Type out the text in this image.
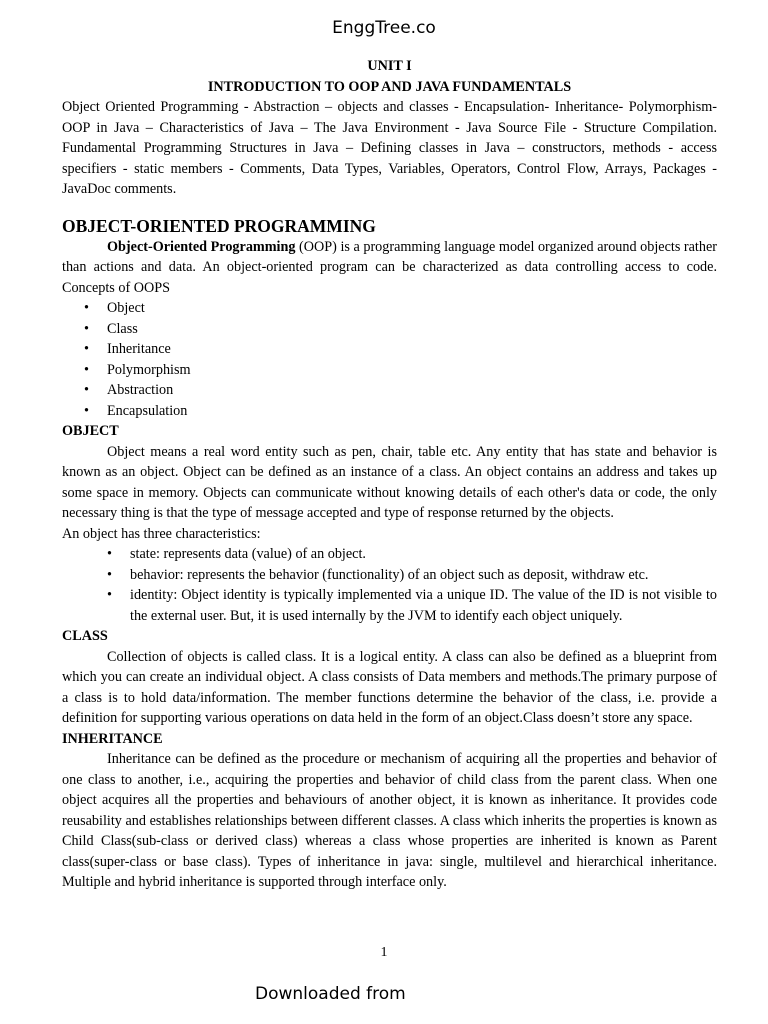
EnggTree.co
UNIT I
INTRODUCTION TO OOP AND JAVA FUNDAMENTALS

Object Oriented Programming - Abstraction – objects and classes - Encapsulation- Inheritance- Polymorphism- OOP in Java – Characteristics of Java – The Java Environment - Java Source File - Structure Compilation. Fundamental Programming Structures in Java – Defining classes in Java – constructors, methods - access specifiers - static members - Comments, Data Types, Variables, Operators, Control Flow, Arrays, Packages - JavaDoc comments.

OBJECT-ORIENTED PROGRAMMING

Object-Oriented Programming (OOP) is a programming language model organized around objects rather than actions and data. An object-oriented program can be characterized as data controlling access to code. Concepts of OOPS

• Object
• Class
• Inheritance
• Polymorphism
• Abstraction
• Encapsulation
OBJECT

Object means a real word entity such as pen, chair, table etc. Any entity that has state and behavior is known as an object. Object can be defined as an instance of a class. An object contains an address and takes up some space in memory. Objects can communicate without knowing details of each other's data or code, the only necessary thing is that the type of message accepted and type of response returned by the objects.

An object has three characteristics:

• state: represents data (value) of an object.
• behavior: represents the behavior (functionality) of an object such as deposit, withdraw etc.
• identity: Object identity is typically implemented via a unique ID. The value of the ID is not visible to the external user. But, it is used internally by the JVM to identify each object uniquely.
CLASS

Collection of objects is called class. It is a logical entity. A class can also be defined as a blueprint from which you can create an individual object. A class consists of Data members and methods.The primary purpose of a class is to hold data/information. The member functions determine the behavior of the class, i.e. provide a definition for supporting various operations on data held in the form of an object.Class doesn’t store any space.

INHERITANCE

Inheritance can be defined as the procedure or mechanism of acquiring all the properties and behavior of one class to another, i.e., acquiring the properties and behavior of child class from the parent class. When one object acquires all the properties and behaviours of another object, it is known as inheritance. It provides code reusability and establishes relationships between different classes. A class which inherits the properties is known as Child Class(sub-class or derived class) whereas a class whose properties are inherited is known as Parent class(super-class or base class). Types of inheritance in java: single, multilevel and hierarchical inheritance. Multiple and hybrid inheritance is supported through interface only.

1
Downloaded from
